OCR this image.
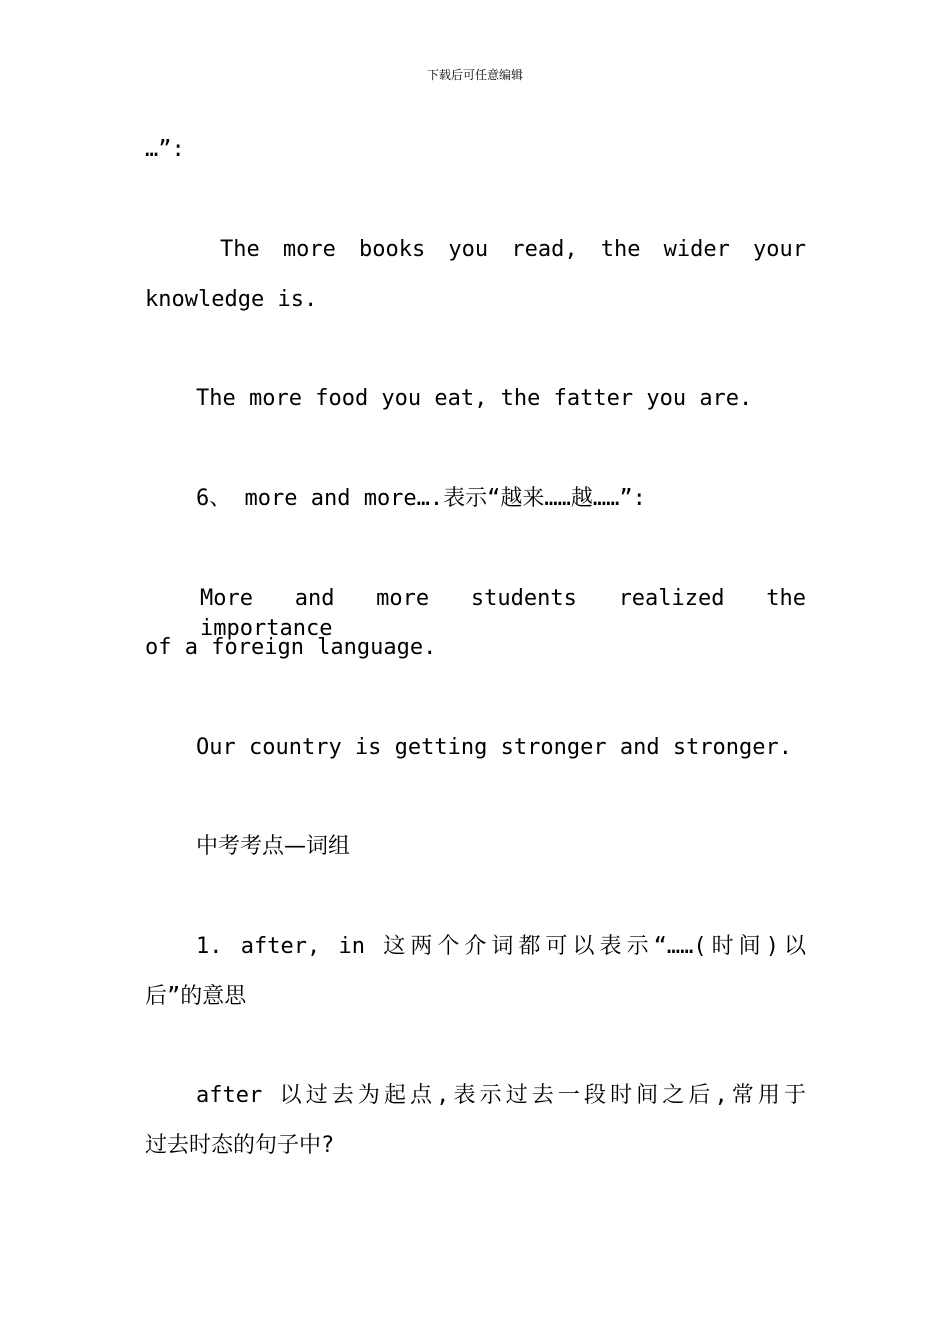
下载后可任意编辑

…”:

The more books you read, the wider your

knowledge is.

The more food you eat, the fatter you are.

6、 more and more….表示“越来……越……”:

More and more students realized the importance

of a foreign language.

Our country is getting stronger and stronger.

中考考点—词组

1. after, in 这两个介词都可以表示“……(时间)以

后”的意思

after 以过去为起点,表示过去一段时间之后,常用于

过去时态的句子中?
